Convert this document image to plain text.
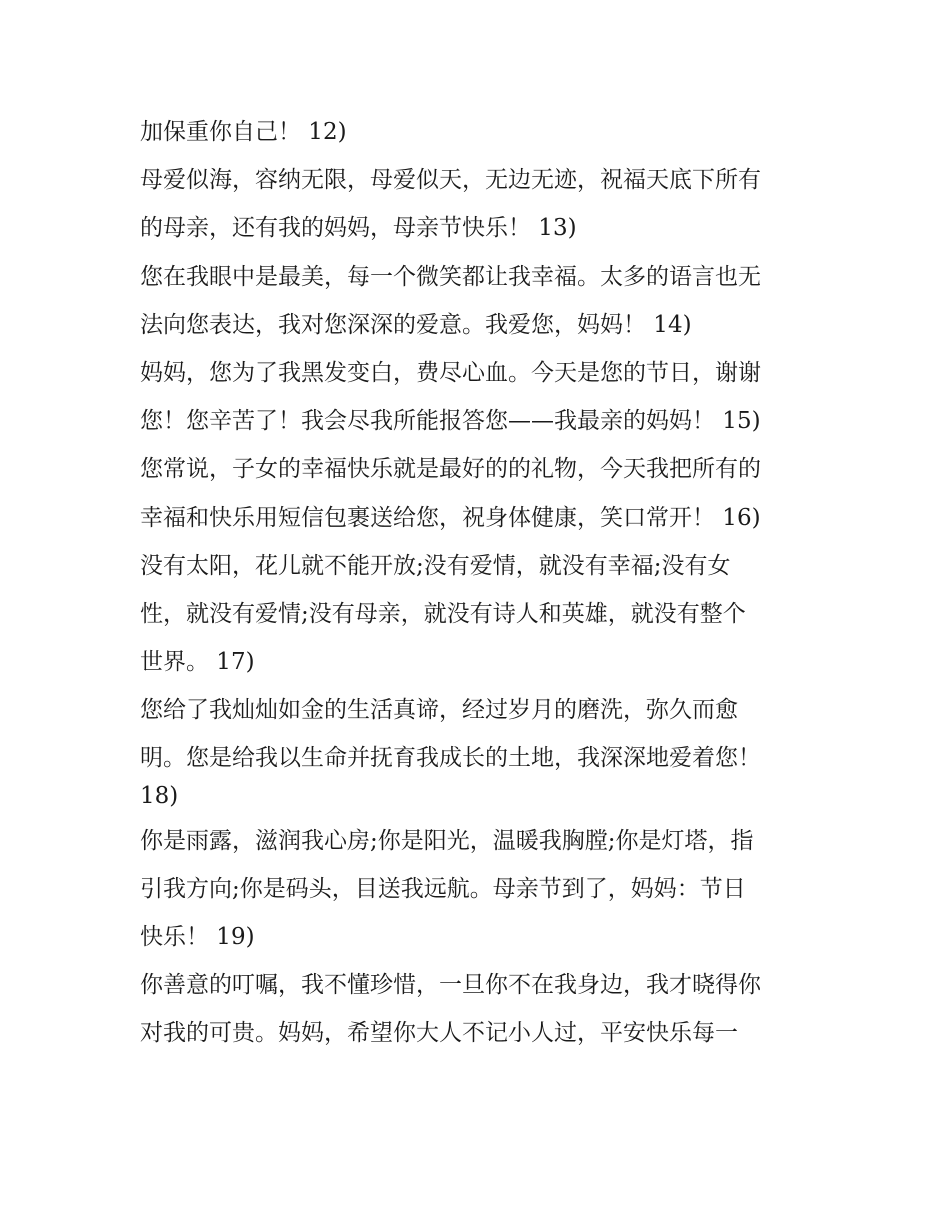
加保重你自己！ 12)
母爱似海，容纳无限，母爱似天，无边无迹，祝福天底下所有
的母亲，还有我的妈妈，母亲节快乐！ 13)
您在我眼中是最美，每一个微笑都让我幸福。太多的语言也无
法向您表达，我对您深深的爱意。我爱您，妈妈！ 14)
妈妈，您为了我黑发变白，费尽心血。今天是您的节日，谢谢
您！您辛苦了！我会尽我所能报答您——我最亲的妈妈！ 15)
您常说，子女的幸福快乐就是最好的的礼物，今天我把所有的
幸福和快乐用短信包裹送给您，祝身体健康，笑口常开！ 16)
没有太阳，花儿就不能开放;没有爱情，就没有幸福;没有女
性，就没有爱情;没有母亲，就没有诗人和英雄，就没有整个
世界。 17)
您给了我灿灿如金的生活真谛，经过岁月的磨洗，弥久而愈
明。您是给我以生命并抚育我成长的土地，我深深地爱着您！
18)
你是雨露，滋润我心房;你是阳光，温暖我胸膛;你是灯塔，指
引我方向;你是码头，目送我远航。母亲节到了，妈妈：节日
快乐！ 19)
你善意的叮嘱，我不懂珍惜，一旦你不在我身边，我才晓得你
对我的可贵。妈妈，希望你大人不记小人过，平安快乐每一
